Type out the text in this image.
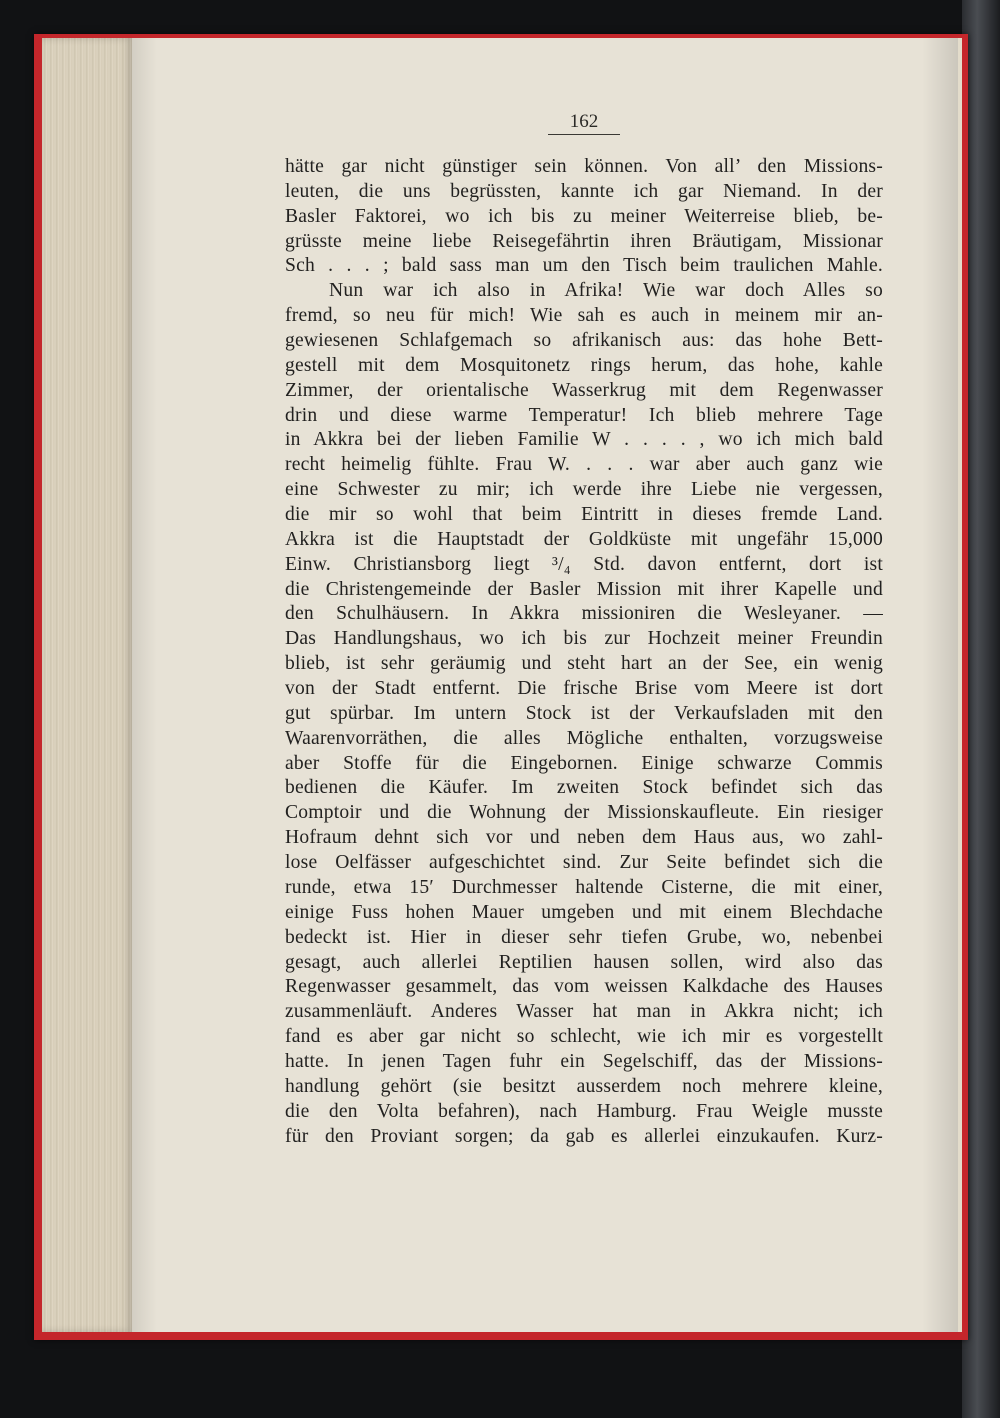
162
hätte gar nicht günstiger sein können. Von all’ den Missions-
leuten, die uns begrüssten, kannte ich gar Niemand. In der
Basler Faktorei, wo ich bis zu meiner Weiterreise blieb, be-
grüsste meine liebe Reisegefährtin ihren Bräutigam, Missionar
Sch . . . ; bald sass man um den Tisch beim traulichen Mahle.
Nun war ich also in Afrika! Wie war doch Alles so
fremd, so neu für mich! Wie sah es auch in meinem mir an-
gewiesenen Schlafgemach so afrikanisch aus: das hohe Bett-
gestell mit dem Mosquitonetz rings herum, das hohe, kahle
Zimmer, der orientalische Wasserkrug mit dem Regenwasser
drin und diese warme Temperatur! Ich blieb mehrere Tage
in Akkra bei der lieben Familie W . . . . , wo ich mich bald
recht heimelig fühlte. Frau W. . . . war aber auch ganz wie
eine Schwester zu mir; ich werde ihre Liebe nie vergessen,
die mir so wohl that beim Eintritt in dieses fremde Land.
Akkra ist die Hauptstadt der Goldküste mit ungefähr 15,000
Einw. Christiansborg liegt ³/₄ Std. davon entfernt, dort ist
die Christengemeinde der Basler Mission mit ihrer Kapelle und
den Schulhäusern. In Akkra missioniren die Wesleyaner. —
Das Handlungshaus, wo ich bis zur Hochzeit meiner Freundin
blieb, ist sehr geräumig und steht hart an der See, ein wenig
von der Stadt entfernt. Die frische Brise vom Meere ist dort
gut spürbar. Im untern Stock ist der Verkaufsladen mit den
Waarenvorräthen, die alles Mögliche enthalten, vorzugsweise
aber Stoffe für die Eingebornen. Einige schwarze Commis
bedienen die Käufer. Im zweiten Stock befindet sich das
Comptoir und die Wohnung der Missionskaufleute. Ein riesiger
Hofraum dehnt sich vor und neben dem Haus aus, wo zahl-
lose Oelfässer aufgeschichtet sind. Zur Seite befindet sich die
runde, etwa 15′ Durchmesser haltende Cisterne, die mit einer,
einige Fuss hohen Mauer umgeben und mit einem Blechdache
bedeckt ist. Hier in dieser sehr tiefen Grube, wo, nebenbei
gesagt, auch allerlei Reptilien hausen sollen, wird also das
Regenwasser gesammelt, das vom weissen Kalkdache des Hauses
zusammenläuft. Anderes Wasser hat man in Akkra nicht; ich
fand es aber gar nicht so schlecht, wie ich mir es vorgestellt
hatte. In jenen Tagen fuhr ein Segelschiff, das der Missions-
handlung gehört (sie besitzt ausserdem noch mehrere kleine,
die den Volta befahren), nach Hamburg. Frau Weigle musste
für den Proviant sorgen; da gab es allerlei einzukaufen. Kurz-
